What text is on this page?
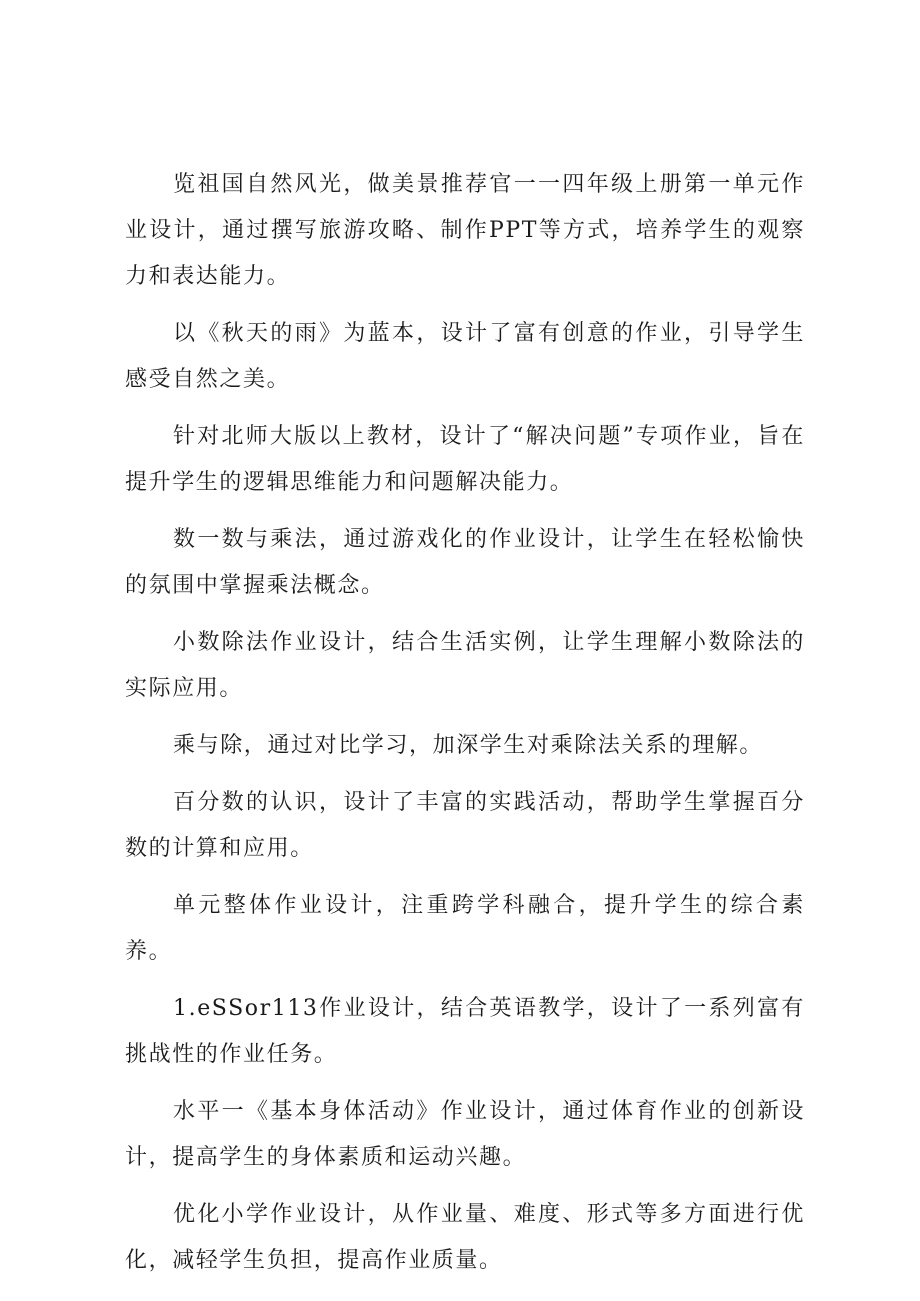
览祖国自然风光，做美景推荐官一一四年级上册第一单元作业设计，通过撰写旅游攻略、制作PPT等方式，培养学生的观察力和表达能力。

以《秋天的雨》为蓝本，设计了富有创意的作业，引导学生感受自然之美。

针对北师大版以上教材，设计了“解决问题”专项作业，旨在提升学生的逻辑思维能力和问题解决能力。

数一数与乘法，通过游戏化的作业设计，让学生在轻松愉快的氛围中掌握乘法概念。

小数除法作业设计，结合生活实例，让学生理解小数除法的实际应用。

乘与除，通过对比学习，加深学生对乘除法关系的理解。

百分数的认识，设计了丰富的实践活动，帮助学生掌握百分数的计算和应用。

单元整体作业设计，注重跨学科融合，提升学生的综合素养。

1.eSSor113作业设计，结合英语教学，设计了一系列富有挑战性的作业任务。

水平一《基本身体活动》作业设计，通过体育作业的创新设计，提高学生的身体素质和运动兴趣。

优化小学作业设计，从作业量、难度、形式等多方面进行优化，减轻学生负担，提高作业质量。
